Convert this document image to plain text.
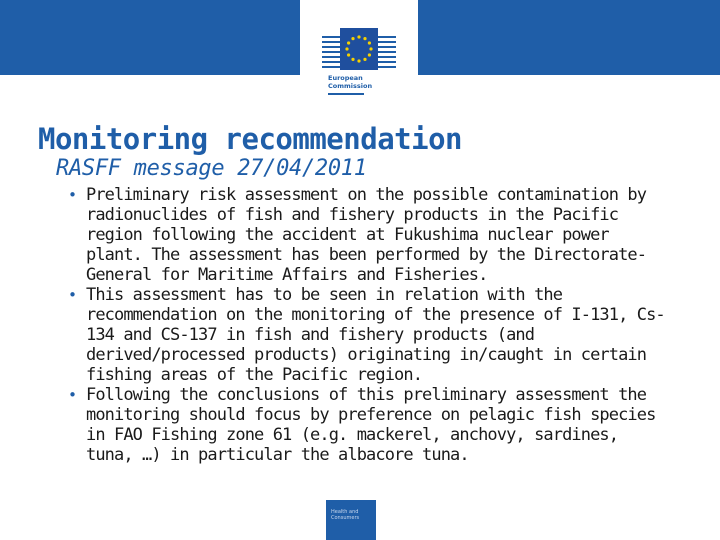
European
Commission
Monitoring recommendation
RASFF message 27/04/2011
• Preliminary risk assessment on the possible contamination by radionuclides of fish and fishery products in the Pacific region following the accident at Fukushima nuclear power plant. The assessment has been performed by the Directorate-General for Maritime Affairs and Fisheries.
• This assessment has to be seen in relation with the recommendation on the monitoring of the presence of I-131, Cs-134 and CS-137 in fish and fishery products (and derived/processed products) originating in/caught in certain fishing areas of the Pacific region.
• Following the conclusions of this preliminary assessment the monitoring should focus by preference on pelagic fish species in FAO Fishing zone 61 (e.g. mackerel, anchovy, sardines, tuna, …) in particular the albacore tuna.
Health and
Consumers
